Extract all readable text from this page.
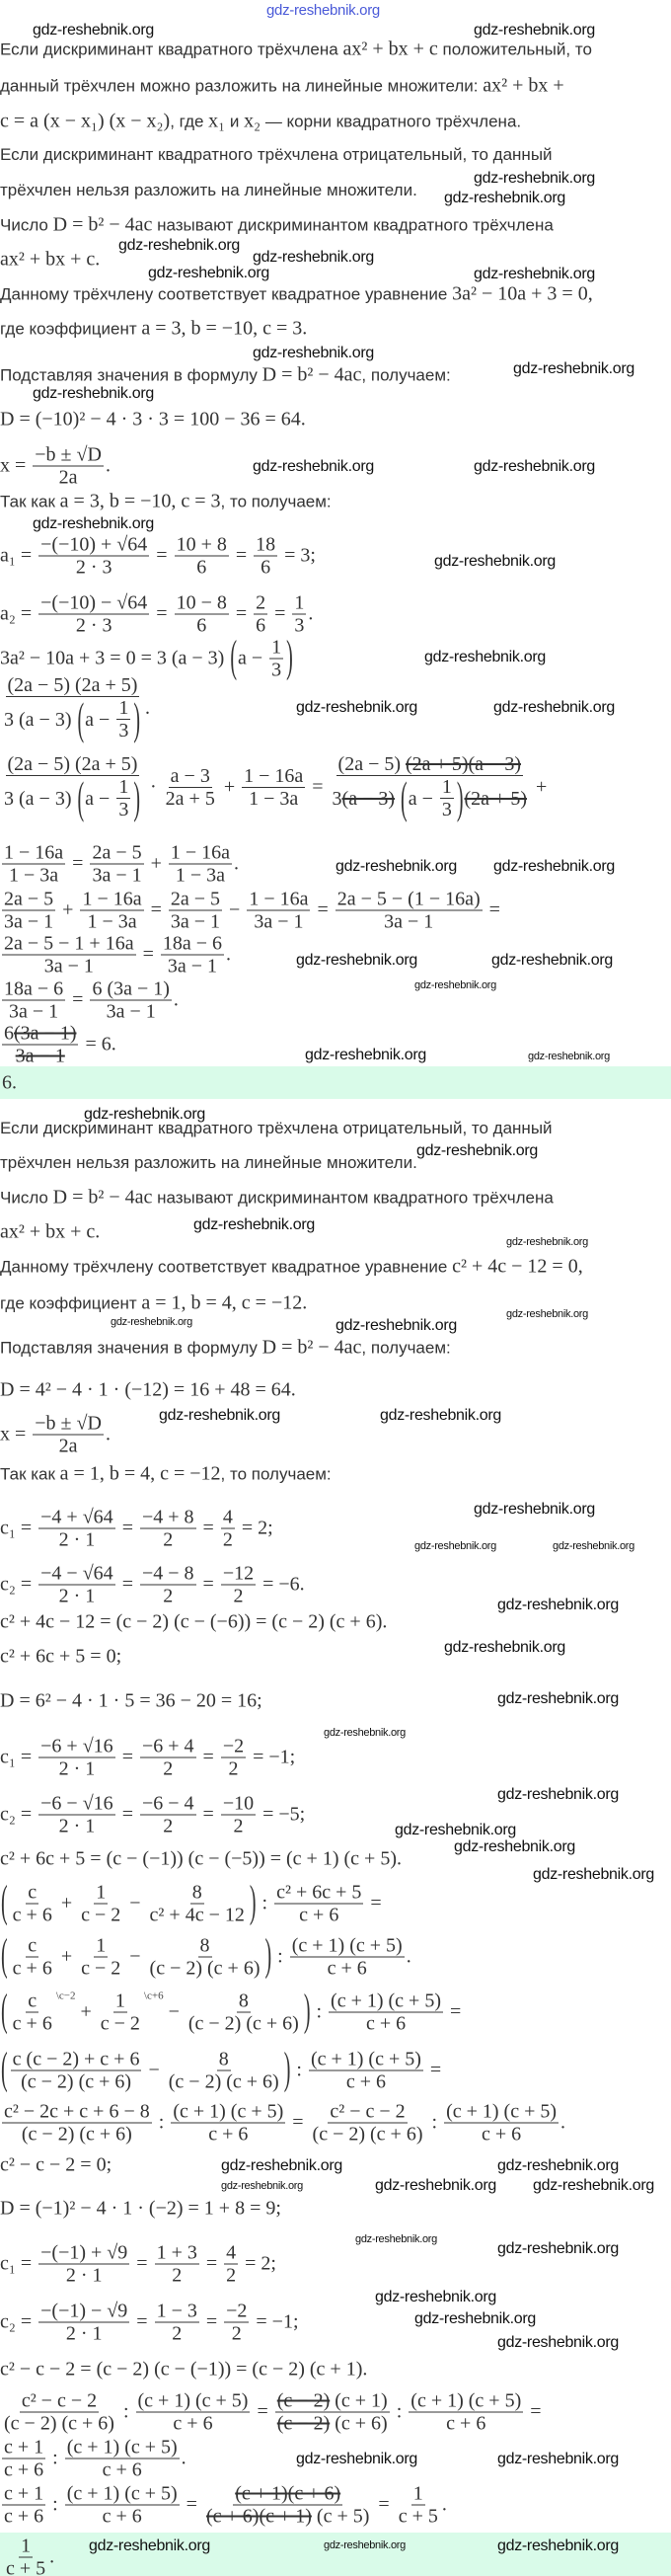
gdz-reshebnik.org
Если дискриминант квадратного трёхчлена ax² + bx + c положительный, то
данный трёхчлен можно разложить на линейные множители: ax² + bx +
c = a (x − x₁) (x − x₂) , где x₁ и x₂ — корни квадратного трёхчлена.
Если дискриминант квадратного трёхчлена отрицательный, то данный
трёхчлен нельзя разложить на линейные множители.
Число D = b² − 4ac называют дискриминантом квадратного трёхчлена
ax² + bx + c.
Данному трёхчлену соответствует квадратное уравнение 3a² − 10a + 3 = 0,
где коэффициент a = 3, b = −10, c = 3.
Подставляя значения в формулу D = b² − 4ac , получаем:
D = (−10)² − 4 · 3 · 3 = 100 − 36 = 64.
$x = \frac{-b \pm √D}{2a}$ .
Так как a = 3, b = −10, c = 3 , то получаем:
$a_1 = \frac{-(-10) + √64}{2 \cdot 3} = \frac{10 + 8}{6} = \frac{18}{6} = 3$;
$a_2 = \frac{-(-10) - √64}{2 \cdot 3} = \frac{10 - 8}{6} = \frac{2}{6} = \frac{1}{3}$ .
3a² − 10a + 3 = 0 = 3 (a − 3) ( $a - \frac{1}{3}$ )
$\frac{(2a - 5) (2a + 5)}{3 (a - 3) ( a - \frac{1}{3} )}$ .
$\frac{(2a - 5) (2a + 5)}{3 (a - 3) ( a - \frac{1}{3} )} \cdot \frac{a - 3}{2a + 5} + \frac{1 - 16a}{1 - 3a} = (2a - 5) (2a + 5) (a - 3)$
3 (a − 3)
( $a - \frac{1}{3}$ ) (2a + 5) +
$\frac{1 - 16a}{1 - 3a} = \frac{2a - 5}{3a - 1} + \frac{1 - 16a}{1 - 3a}$ .
$\frac{2a - 5}{3a - 1} + \frac{1 - 16a}{1 - 3a} = \frac{2a - 5}{3a - 1} - \frac{1 - 16a}{3a - 1} = \frac{2a - 5 - (1 - 16a)}{3a - 1}$ =
$\frac{2a - 5 - 1 + 16a}{3a - 1} = \frac{18a - 6}{3a - 1}$ .
$\frac{18a - 6}{3a - 1} = \frac{6 (3a - 1)}{3a - 1}$ .
$\frac{6 (3a - 1)}{3a - 1} = 6$.
6.
Если дискриминант квадратного трёхчлена отрицательный, то данный
трёхчлен нельзя разложить на линейные множители.
Число D = b² − 4ac называют дискриминантом квадратного трёхчлена
ax² + bx + c.
Данному трёхчлену соответствует квадратное уравнение c² + 4c − 12 = 0,
где коэффициент a = 1, b = 4, c = −12.
Подставляя значения в формулу D = b² − 4ac , получаем:
D = 4² − 4 · 1 · (−12) = 16 + 48 = 64.
$x = \frac{-b \pm √D}{2a}$ .
Так как a = 1, b = 4, c = −12 , то получаем:
$c_1 = \frac{-4 + √64}{2 \cdot 1} = \frac{-4 + 8}{2} = \frac{4}{2} = 2$;
$c_2 = \frac{-4 - √64}{2 \cdot 1} = \frac{-4 - 8}{2} = \frac{-12}{2} = -6$.
c² + 4c − 12 = (c − 2) (c − (−6)) = (c − 2) (c + 6).
c² + 6c + 5 = 0;
D = 6² − 4 · 1 · 5 = 36 − 20 = 16;
$c_1 = \frac{-6 + √16}{2 \cdot 1} = \frac{-6 + 4}{2} = \frac{-2}{2} = -1$;
$c_2 = \frac{-6 - √16}{2 \cdot 1} = \frac{-6 - 4}{2} = \frac{-10}{2} = -5$;
c² + 6c + 5 = (c − (−1)) (c − (−5)) = (c + 1) (c + 5).
( $\frac{c}{c + 6} + \frac{1}{c - 2} - \frac{8}{\text{c² + 4c − 12}}$ ) : $\frac{\text{c² + 6c + 5}}{c + 6}$ =
( $\frac{c}{c + 6} + \frac{1}{c - 2} - \frac{8}{(c - 2) (c + 6)}$ ) : $\frac{(c + 1) (c + 5)}{c + 6}$ .
( $\frac{c}{c + 6}$ \c−2
+ $\frac{1}{c - 2}$ \c+6
− $\frac{8}{(c - 2) (c + 6)}$ ) : $\frac{(c + 1) (c + 5)}{c + 6}$ =
( $\frac{c (c - 2) + c + 6}{(c - 2) (c + 6)} - \frac{8}{(c - 2) (c + 6)}$ ) : $\frac{(c + 1) (c + 5)}{c + 6}$ =
$\frac{\text{c² − 2c + c + 6 − 8}}{(c - 2) (c + 6)}$ : $\frac{(c + 1) (c + 5)}{c + 6} = \frac{\text{c² − c − 2}}{(c - 2) (c + 6)}$ : $\frac{(c + 1) (c + 5)}{c + 6}$ .
c² − c − 2 = 0;
D = (−1)² − 4 · 1 · (−2) = 1 + 8 = 9;
$c_1 = \frac{-(-1) + √9}{2 \cdot 1} = \frac{1 + 3}{2} = \frac{4}{2} = 2$;
$c_2 = \frac{-(-1) - √9}{2 \cdot 1} = \frac{1 - 3}{2} = \frac{-2}{2} = -1$;
c² − c − 2 = (c − 2) (c − (−1)) = (c − 2) (c + 1).
$\frac{\text{c² − c − 2}}{(c - 2) (c + 6)}$ : $\frac{(c + 1) (c + 5)}{c + 6} = \frac{(c - 2) (c + 1)}{(c - 2) (c + 6)}$ : $\frac{(c + 1) (c + 5)}{c + 6}$ =
$\frac{c + 1}{c + 6}$ : $\frac{(c + 1) (c + 5)}{c + 6}$ .
$\frac{c + 1}{c + 6}$ : $\frac{(c + 1) (c + 5)}{c + 6} = \frac{(c + 1) (c + 6)}{(c + 6) (c + 1) (c + 5)} = \frac{1}{c + 5}$ .
$\frac{1}{c + 5}$ .
gdz-reshebnik.org	gdz-reshebnik.org
gdz-reshebnik.org
gdz-reshebnik.org
gdz-reshebnik.org
gdz-reshebnik.org
gdz-reshebnik.org
gdz-reshebnik.org
gdz-reshebnik.org
gdz-reshebnik.org
gdz-reshebnik.org
gdz-reshebnik.org	gdz-reshebnik.org
gdz-reshebnik.org
gdz-reshebnik.org
gdz-reshebnik.org
gdz-reshebnik.org	gdz-reshebnik.org
gdz-reshebnik.org gdz-reshebnik.org
gdz-reshebnik.org
gdz-reshebnik.org	gdz-reshebnik.org
gdz-reshebnik.org	gdz-reshebnik.org
gdz-reshebnik.org
gdz-reshebnik.org
gdz-reshebnik.org
gdz-reshebnik.org
gdz-reshebnik.org	gdz-reshebnik.org
gdz-reshebnik.org
gdz-reshebnik.org	gdz-reshebnik.org
gdz-reshebnik.org
gdz-reshebnik.org
gdz-reshebnik.org
gdz-reshebnik.org
gdz-reshebnik.org
gdz-reshebnik.org
gdz-reshebnik.org
gdz-reshebnik.org
gdz-reshebnik.org
gdz-reshebnik.org
gdz-reshebnik.org
gdz-reshebnik.org gdz-reshebnik.org
gdz-reshebnik.org	gdz-reshebnik.org
gdz-reshebnik.org
gdz-reshebnik.org
gdz-reshebnik.org
gdz-reshebnik.org
gdz-reshebnik.org
gdz-reshebnik.org
gdz-reshebnik.org	gdz-reshebnik.org
gdz-reshebnik.org	gdz-reshebnik.org	gdz-reshebnik.org
